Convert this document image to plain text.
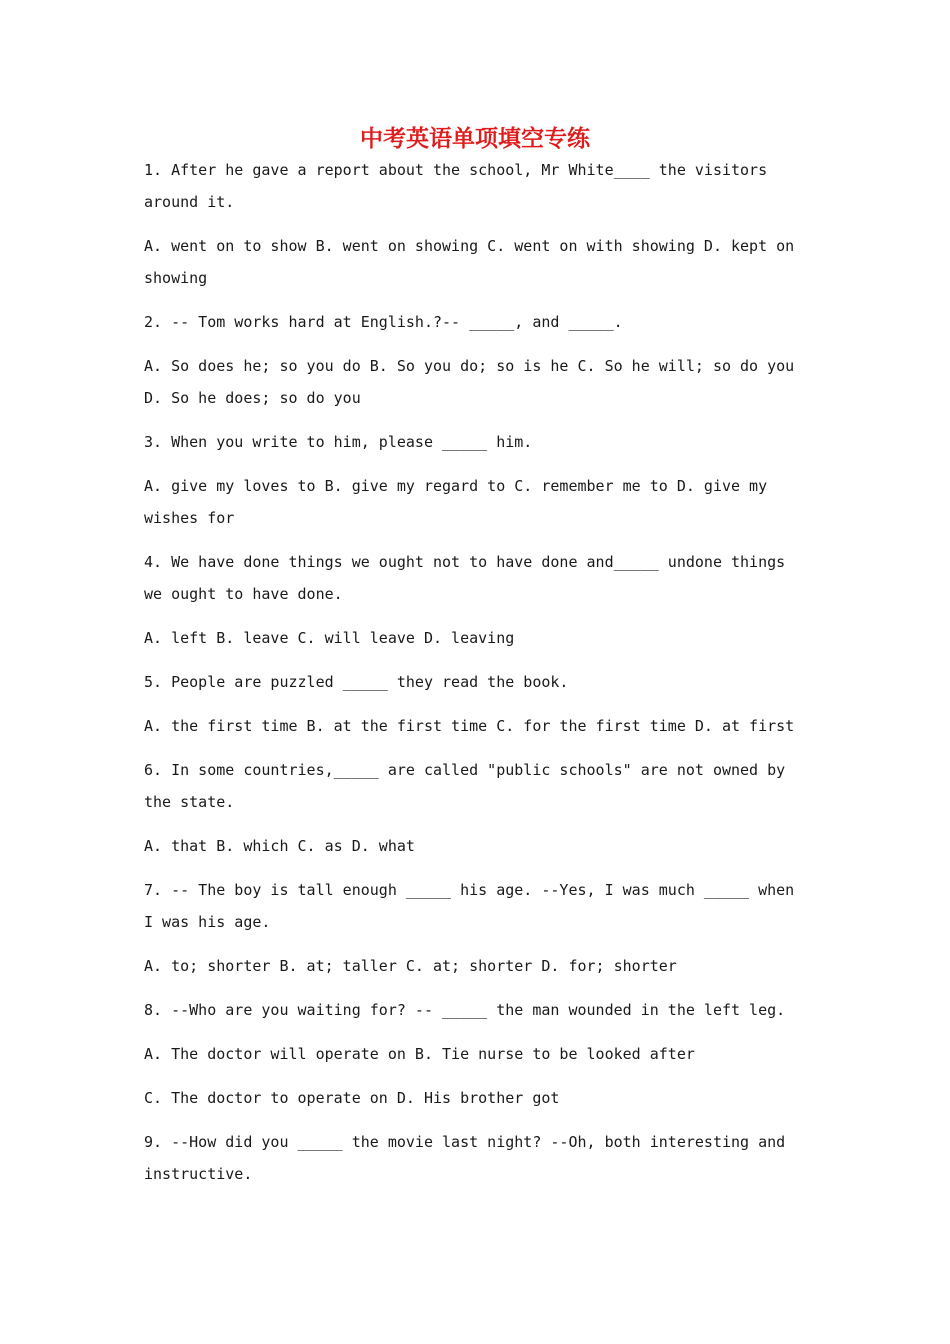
中考英语单项填空专练

1. After he gave a report about the school, Mr White____ the visitors around it.

A. went on to show B. went on showing C. went on with showing D. kept on showing

2. -- Tom works hard at English.?-- _____, and _____.

A. So does he; so you do B. So you do; so is he C. So he will; so do you D. So he does; so do you

3. When you write to him, please _____ him.

A. give my loves to B. give my regard to C. remember me to D. give my wishes for

4. We have done things we ought not to have done and_____ undone things we ought to have done.

A. left B. leave C. will leave D. leaving

5. People are puzzled _____ they read the book.

A. the first time B. at the first time C. for the first time D. at first

6. In some countries,_____ are called "public schools" are not owned by the state.

A. that B. which C. as D. what

7. -- The boy is tall enough _____ his age. --Yes, I was much _____ when I was his age.

A. to; shorter B. at; taller C. at; shorter D. for; shorter

8. --Who are you waiting for? -- _____ the man wounded in the left leg.

A. The doctor will operate on B. Tie nurse to be looked after

C. The doctor to operate on D. His brother got

9. --How did you _____ the movie last night? --Oh, both interesting and instructive.
